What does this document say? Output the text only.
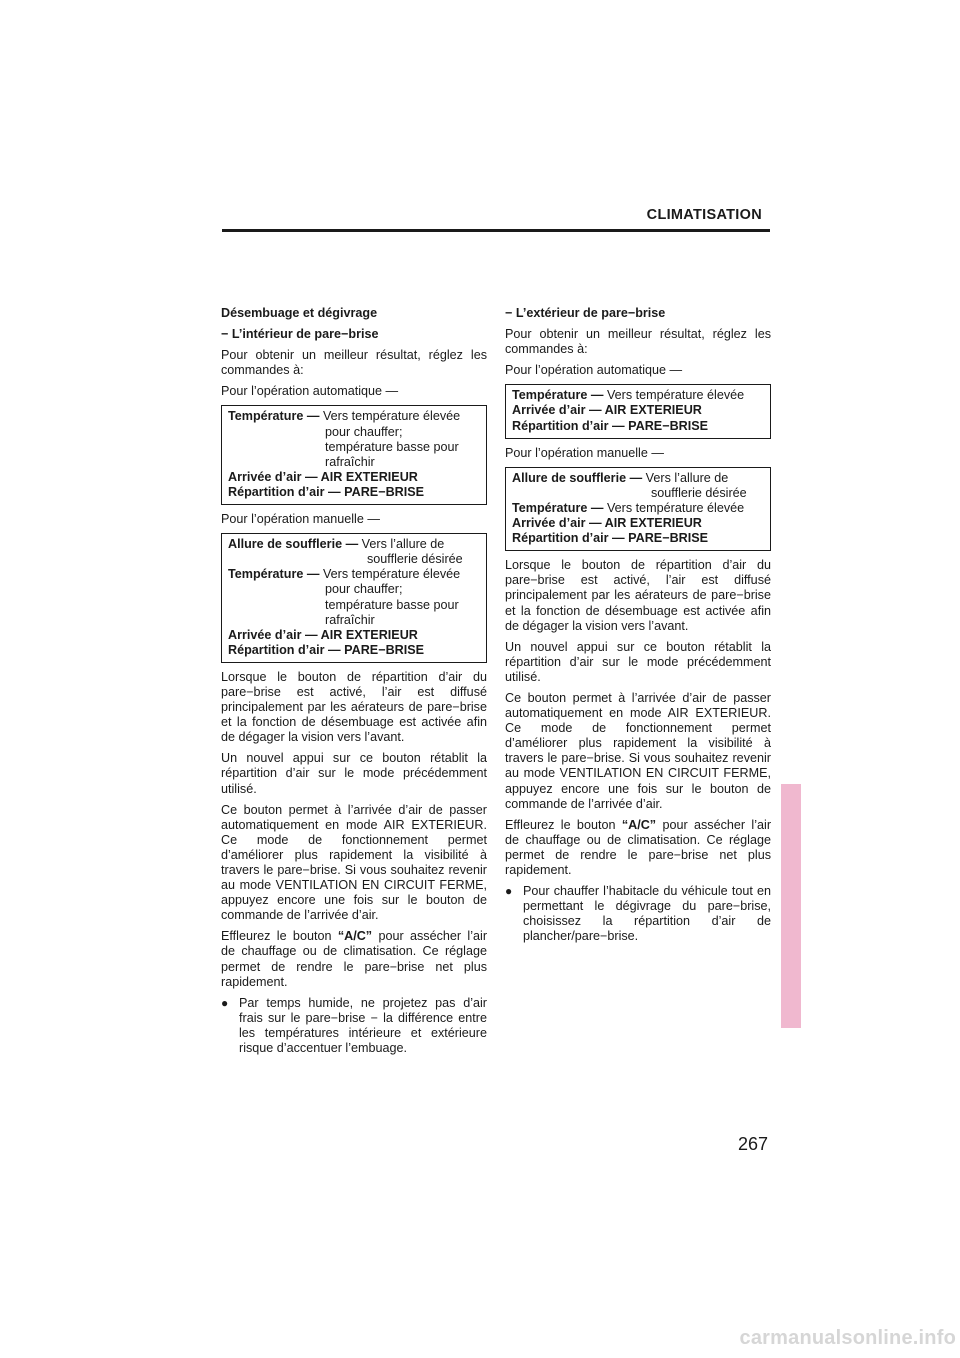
CLIMATISATION
Désembuage et dégivrage
− L’intérieur de pare−brise

Pour obtenir un meilleur résultat, réglez les commandes à:

Pour l’opération automatique —
Température — Vers température élevée
pour chauffer;
température basse pour
rafraîchir
Arrivée d’air — AIR EXTERIEUR
Répartition d’air — PARE−BRISE
Pour l’opération manuelle —
Allure de soufflerie — Vers l’allure de
soufflerie désirée
Température — Vers température élevée
pour chauffer;
température basse pour
rafraîchir
Arrivée d’air — AIR EXTERIEUR
Répartition d’air — PARE−BRISE

Lorsque le bouton de répartition d’air du pare−brise est activé, l’air est diffusé principalement par les aérateurs de pare−brise et la fonction de désembuage est activée afin de dégager la vision vers l’avant.

Un nouvel appui sur ce bouton rétablit la répartition d’air sur le mode précédemment utilisé.

Ce bouton permet à l’arrivée d’air de passer automatiquement en mode AIR EXTERIEUR. Ce mode de fonctionnement permet d’améliorer plus rapidement la visibilité à travers le pare−brise. Si vous souhaitez revenir au mode VENTILATION EN CIRCUIT FERME, appuyez encore une fois sur le bouton de commande de l’arrivée d’air.

Effleurez le bouton “A/C” pour assécher l’air de chauffage ou de climatisation. Ce réglage permet de rendre le pare−brise net plus rapidement.

● Par temps humide, ne projetez pas d’air frais sur le pare−brise − la différence entre les températures intérieure et extérieure risque d’accentuer l’embuage.
− L’extérieur de pare−brise

Pour obtenir un meilleur résultat, réglez les commandes à:

Pour l’opération automatique —
Température — Vers température élevée
Arrivée d’air — AIR EXTERIEUR
Répartition d’air — PARE−BRISE
Pour l’opération manuelle —
Allure de soufflerie — Vers l’allure de
soufflerie désirée
Température — Vers température élevée
Arrivée d’air — AIR EXTERIEUR
Répartition d’air — PARE−BRISE

Lorsque le bouton de répartition d’air du pare−brise est activé, l’air est diffusé principalement par les aérateurs de pare−brise et la fonction de désembuage est activée afin de dégager la vision vers l’avant.

Un nouvel appui sur ce bouton rétablit la répartition d’air sur le mode précédemment utilisé.

Ce bouton permet à l’arrivée d’air de passer automatiquement en mode AIR EXTERIEUR. Ce mode de fonctionnement permet d’améliorer plus rapidement la visibilité à travers le pare−brise. Si vous souhaitez revenir au mode VENTILATION EN CIRCUIT FERME, appuyez encore une fois sur le bouton de commande de l’arrivée d’air.

Effleurez le bouton “A/C” pour assécher l’air de chauffage ou de climatisation. Ce réglage permet de rendre le pare−brise net plus rapidement.

● Pour chauffer l’habitacle du véhicule tout en permettant le dégivrage du pare−brise, choisissez la répartition d’air de plancher/pare−brise.
267
carmanualsonline.info
